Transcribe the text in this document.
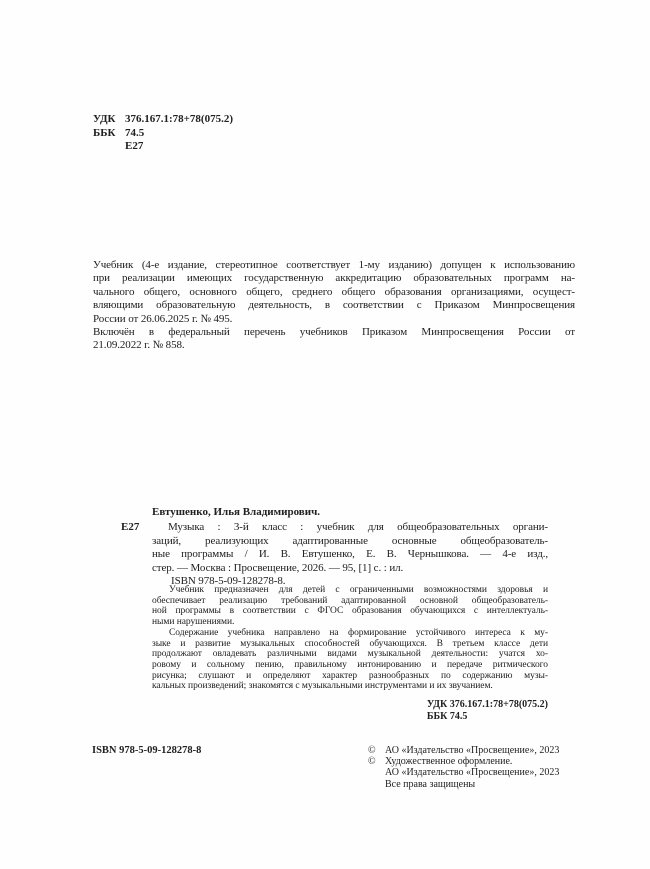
УДК 376.167.1:78+78(075.2)
ББК 74.5
Е27
Учебник (4-е издание, стереотипное соответствует 1-му изданию) допущен к использованию
при реализации имеющих государственную аккредитацию образовательных программ на-
чального общего, основного общего, среднего общего образования организациями, осущест-
вляющими образовательную деятельность, в соответствии с Приказом Минпросвещения
России от 26.06.2025 г. № 495.
Включён в федеральный перечень учебников Приказом Минпросвещения России от
21.09.2022 г. № 858.
Евтушенко, Илья Владимирович.
Е27	Музыка : 3-й класс : учебник для общеобразовательных органи-
заций, реализующих адаптированные основные общеобразователь-
ные программы / И. В. Евтушенко, Е. В. Чернышкова. — 4-е изд.,
стер. — Москва : Просвещение, 2026. — 95, [1] с. : ил.
ISBN 978-5-09-128278-8.
Учебник предназначен для детей с ограниченными возможностями здоровья и
обеспечивает реализацию требований адаптированной основной общеобразователь-
ной программы в соответствии с ФГОС образования обучающихся с интеллектуаль-
ными нарушениями.
Содержание учебника направлено на формирование устойчивого интереса к му-
зыке и развитие музыкальных способностей обучающихся. В третьем классе дети
продолжают овладевать различными видами музыкальной деятельности: учатся хо-
ровому и сольному пению, правильному интонированию и передаче ритмического
рисунка; слушают и определяют характер разнообразных по содержанию музы-
кальных произведений; знакомятся с музыкальными инструментами и их звучанием.
УДК 376.167.1:78+78(075.2)
ББК 74.5
ISBN 978-5-09-128278-8	© АО «Издательство «Просвещение», 2023
© Художественное оформление.
АО «Издательство «Просвещение», 2023
Все права защищены
